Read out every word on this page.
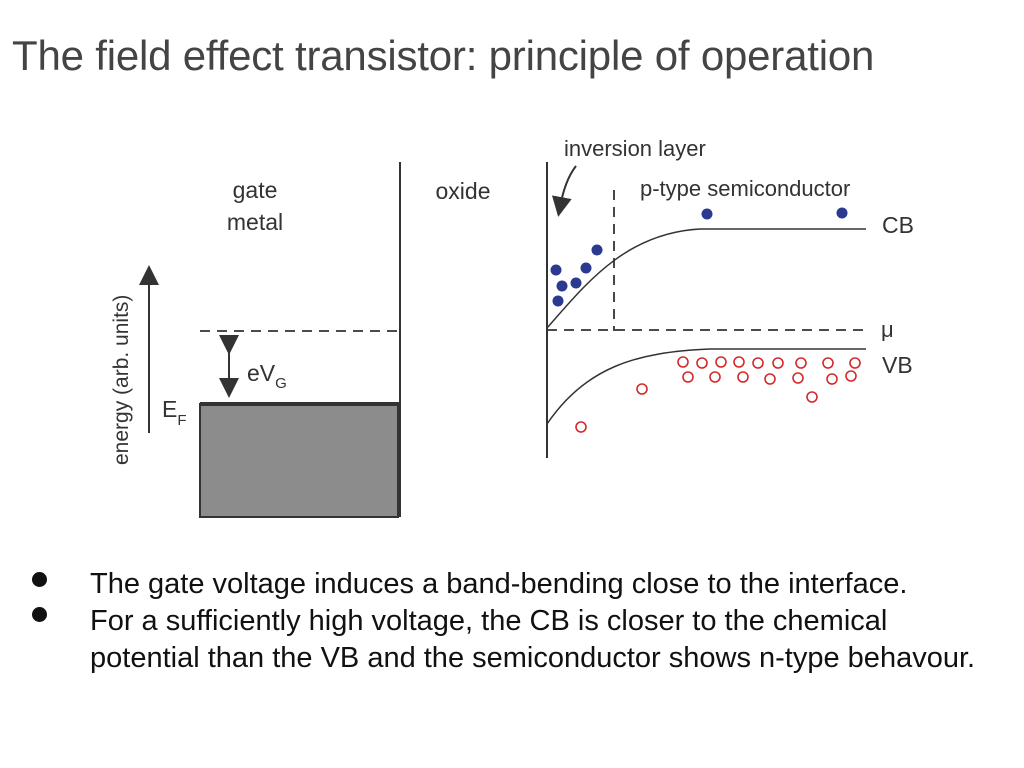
The field effect transistor: principle of operation
energy (arb. units)
gate
metal
$E_F$
$eV_G$
oxide
inversion layer
p-type semiconductor
μ
CB
VB
The gate voltage induces a band-bending close to the interface.
For a sufficiently high voltage, the CB is closer to the chemical potential than the VB and the semiconductor shows n-type behavour.
